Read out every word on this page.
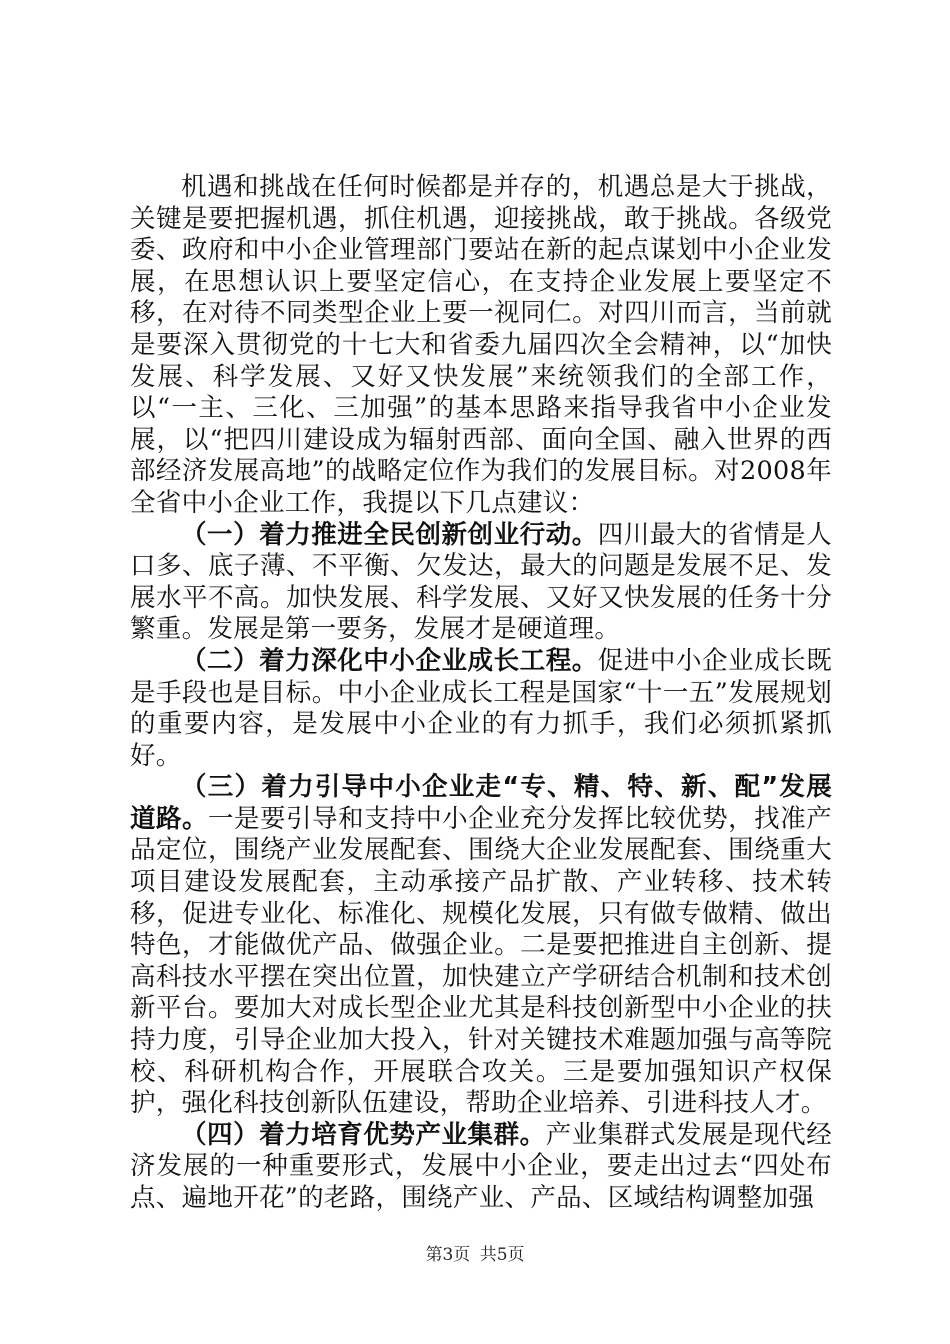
机遇和挑战在任何时候都是并存的，机遇总是大于挑战，关键是要把握机遇，抓住机遇，迎接挑战，敢于挑战。各级党委、政府和中小企业管理部门要站在新的起点谋划中小企业发展，在思想认识上要坚定信心，在支持企业发展上要坚定不移，在对待不同类型企业上要一视同仁。对四川而言，当前就是要深入贯彻党的十七大和省委九届四次全会精神，以“加快发展、科学发展、又好又快发展”来统领我们的全部工作，以“一主、三化、三加强”的基本思路来指导我省中小企业发展，以“把四川建设成为辐射西部、面向全国、融入世界的西部经济发展高地”的战略定位作为我们的发展目标。对2008年全省中小企业工作，我提以下几点建议：

（一）着力推进全民创新创业行动。四川最大的省情是人口多、底子薄、不平衡、欠发达，最大的问题是发展不足、发展水平不高。加快发展、科学发展、又好又快发展的任务十分繁重。发展是第一要务，发展才是硬道理。

（二）着力深化中小企业成长工程。促进中小企业成长既是手段也是目标。中小企业成长工程是国家“十一五”发展规划的重要内容，是发展中小企业的有力抓手，我们必须抓紧抓好。

（三）着力引导中小企业走“专、精、特、新、配”发展道路。一是要引导和支持中小企业充分发挥比较优势，找准产品定位，围绕产业发展配套、围绕大企业发展配套、围绕重大项目建设发展配套，主动承接产品扩散、产业转移、技术转移，促进专业化、标准化、规模化发展，只有做专做精、做出特色，才能做优产品、做强企业。二是要把推进自主创新、提高科技水平摆在突出位置，加快建立产学研结合机制和技术创新平台。要加大对成长型企业尤其是科技创新型中小企业的扶持力度，引导企业加大投入，针对关键技术难题加强与高等院校、科研机构合作，开展联合攻关。三是要加强知识产权保护，强化科技创新队伍建设，帮助企业培养、引进科技人才。

（四）着力培育优势产业集群。产业集群式发展是现代经济发展的一种重要形式，发展中小企业，要走出过去“四处布点、遍地开花”的老路，围绕产业、产品、区域结构调整加强

第3页 共5页
